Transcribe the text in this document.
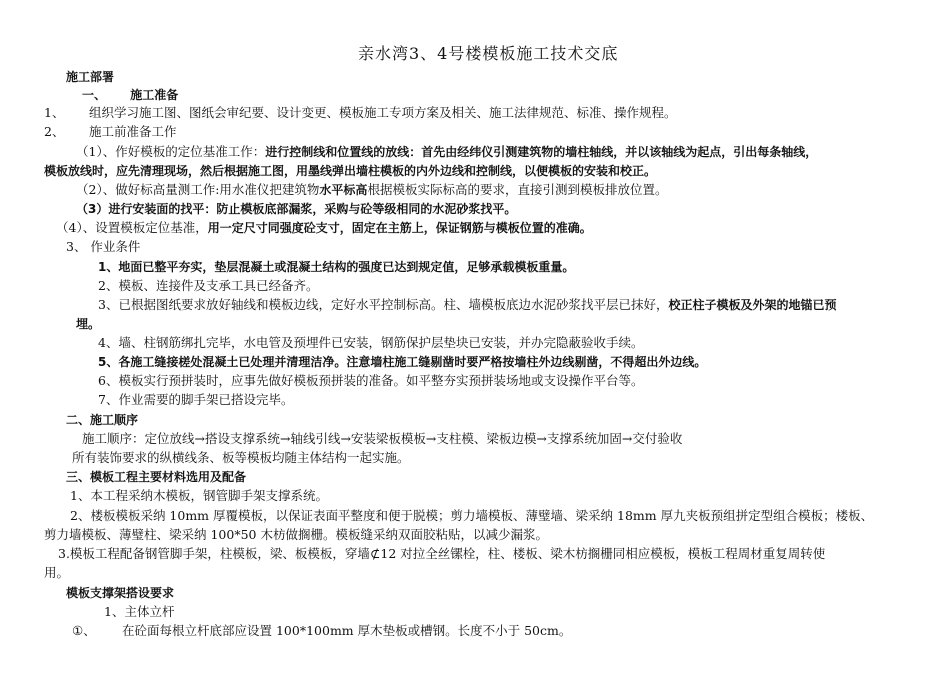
亲水湾3、4号楼模板施工技术交底
施工部署
一、 施工准备
1、 组织学习施工图、图纸会审纪要、设计变更、模板施工专项方案及相关、施工法律规范、标准、操作规程。
2、 施工前准备工作
（1）、作好模板的定位基准工作：进行控制线和位置线的放线：首先由经纬仪引测建筑物的墙柱轴线，并以该轴线为起点，引出每条轴线，
模板放线时，应先清理现场，然后根据施工图，用墨线弹出墙柱模板的内外边线和控制线，以便模板的安装和校正。
（2）、做好标高量测工作:用水准仪把建筑物水平标高根据模板实际标高的要求，直接引测到模板排放位置。
（3）进行安装面的找平：防止模板底部漏浆，采购与砼等级相同的水泥砂浆找平。
（4）、设置模板定位基准，用一定尺寸同强度砼支寸，固定在主筋上，保证钢筋与模板位置的准确。
3、 作业条件
1、地面已整平夯实，垫层混凝土或混凝土结构的强度已达到规定值，足够承载模板重量。
2、模板、连接件及支承工具已经备齐。
3、已根据图纸要求放好轴线和模板边线，定好水平控制标高。柱、墙模板底边水泥砂浆找平层已抹好，校正柱子模板及外架的地锚已预
埋。
4、墙、柱钢筋绑扎完毕，水电管及预埋件已安装，钢筋保护层垫块已安装，并办完隐蔽验收手续。
5、各施工缝接槎处混凝土已处理并清理洁净。注意墙柱施工缝剔凿时要严格按墙柱外边线剔凿，不得超出外边线。
6、模板实行预拼装时，应事先做好模板预拼装的准备。如平整夯实预拼装场地或支设操作平台等。
7、作业需要的脚手架已搭设完毕。
二、施工顺序
施工顺序：定位放线→搭设支撑系统→轴线引线→安装梁板模板→支柱模、梁板边模→支撑系统加固→交付验收
所有装饰要求的纵横线条、板等模板均随主体结构一起实施。
三、模板工程主要材料选用及配备
1、本工程采纳木模板，钢管脚手架支撑系统。
2、楼板模板采纳 10mm 厚覆模板，以保证表面平整度和便于脱模；剪力墙模板、薄璧墙、梁采纳 18mm 厚九夹板预组拼定型组合模板；楼板、
剪力墙模板、薄璧柱、梁采纳 100*50 木枋做搁栅。模板缝采纳双面胶粘贴，以减少漏浆。
3.模板工程配备钢管脚手架，柱模板，梁、板模板，穿墙⊄12 对拉全丝镙栓，柱、楼板、梁木枋搁栅同相应模板，模板工程周材重复周转使
用。
模板支撑架搭设要求
1、主体立杆
①、 在砼面每根立杆底部应设置 100*100mm 厚木垫板或槽钢。长度不小于 50cm。
